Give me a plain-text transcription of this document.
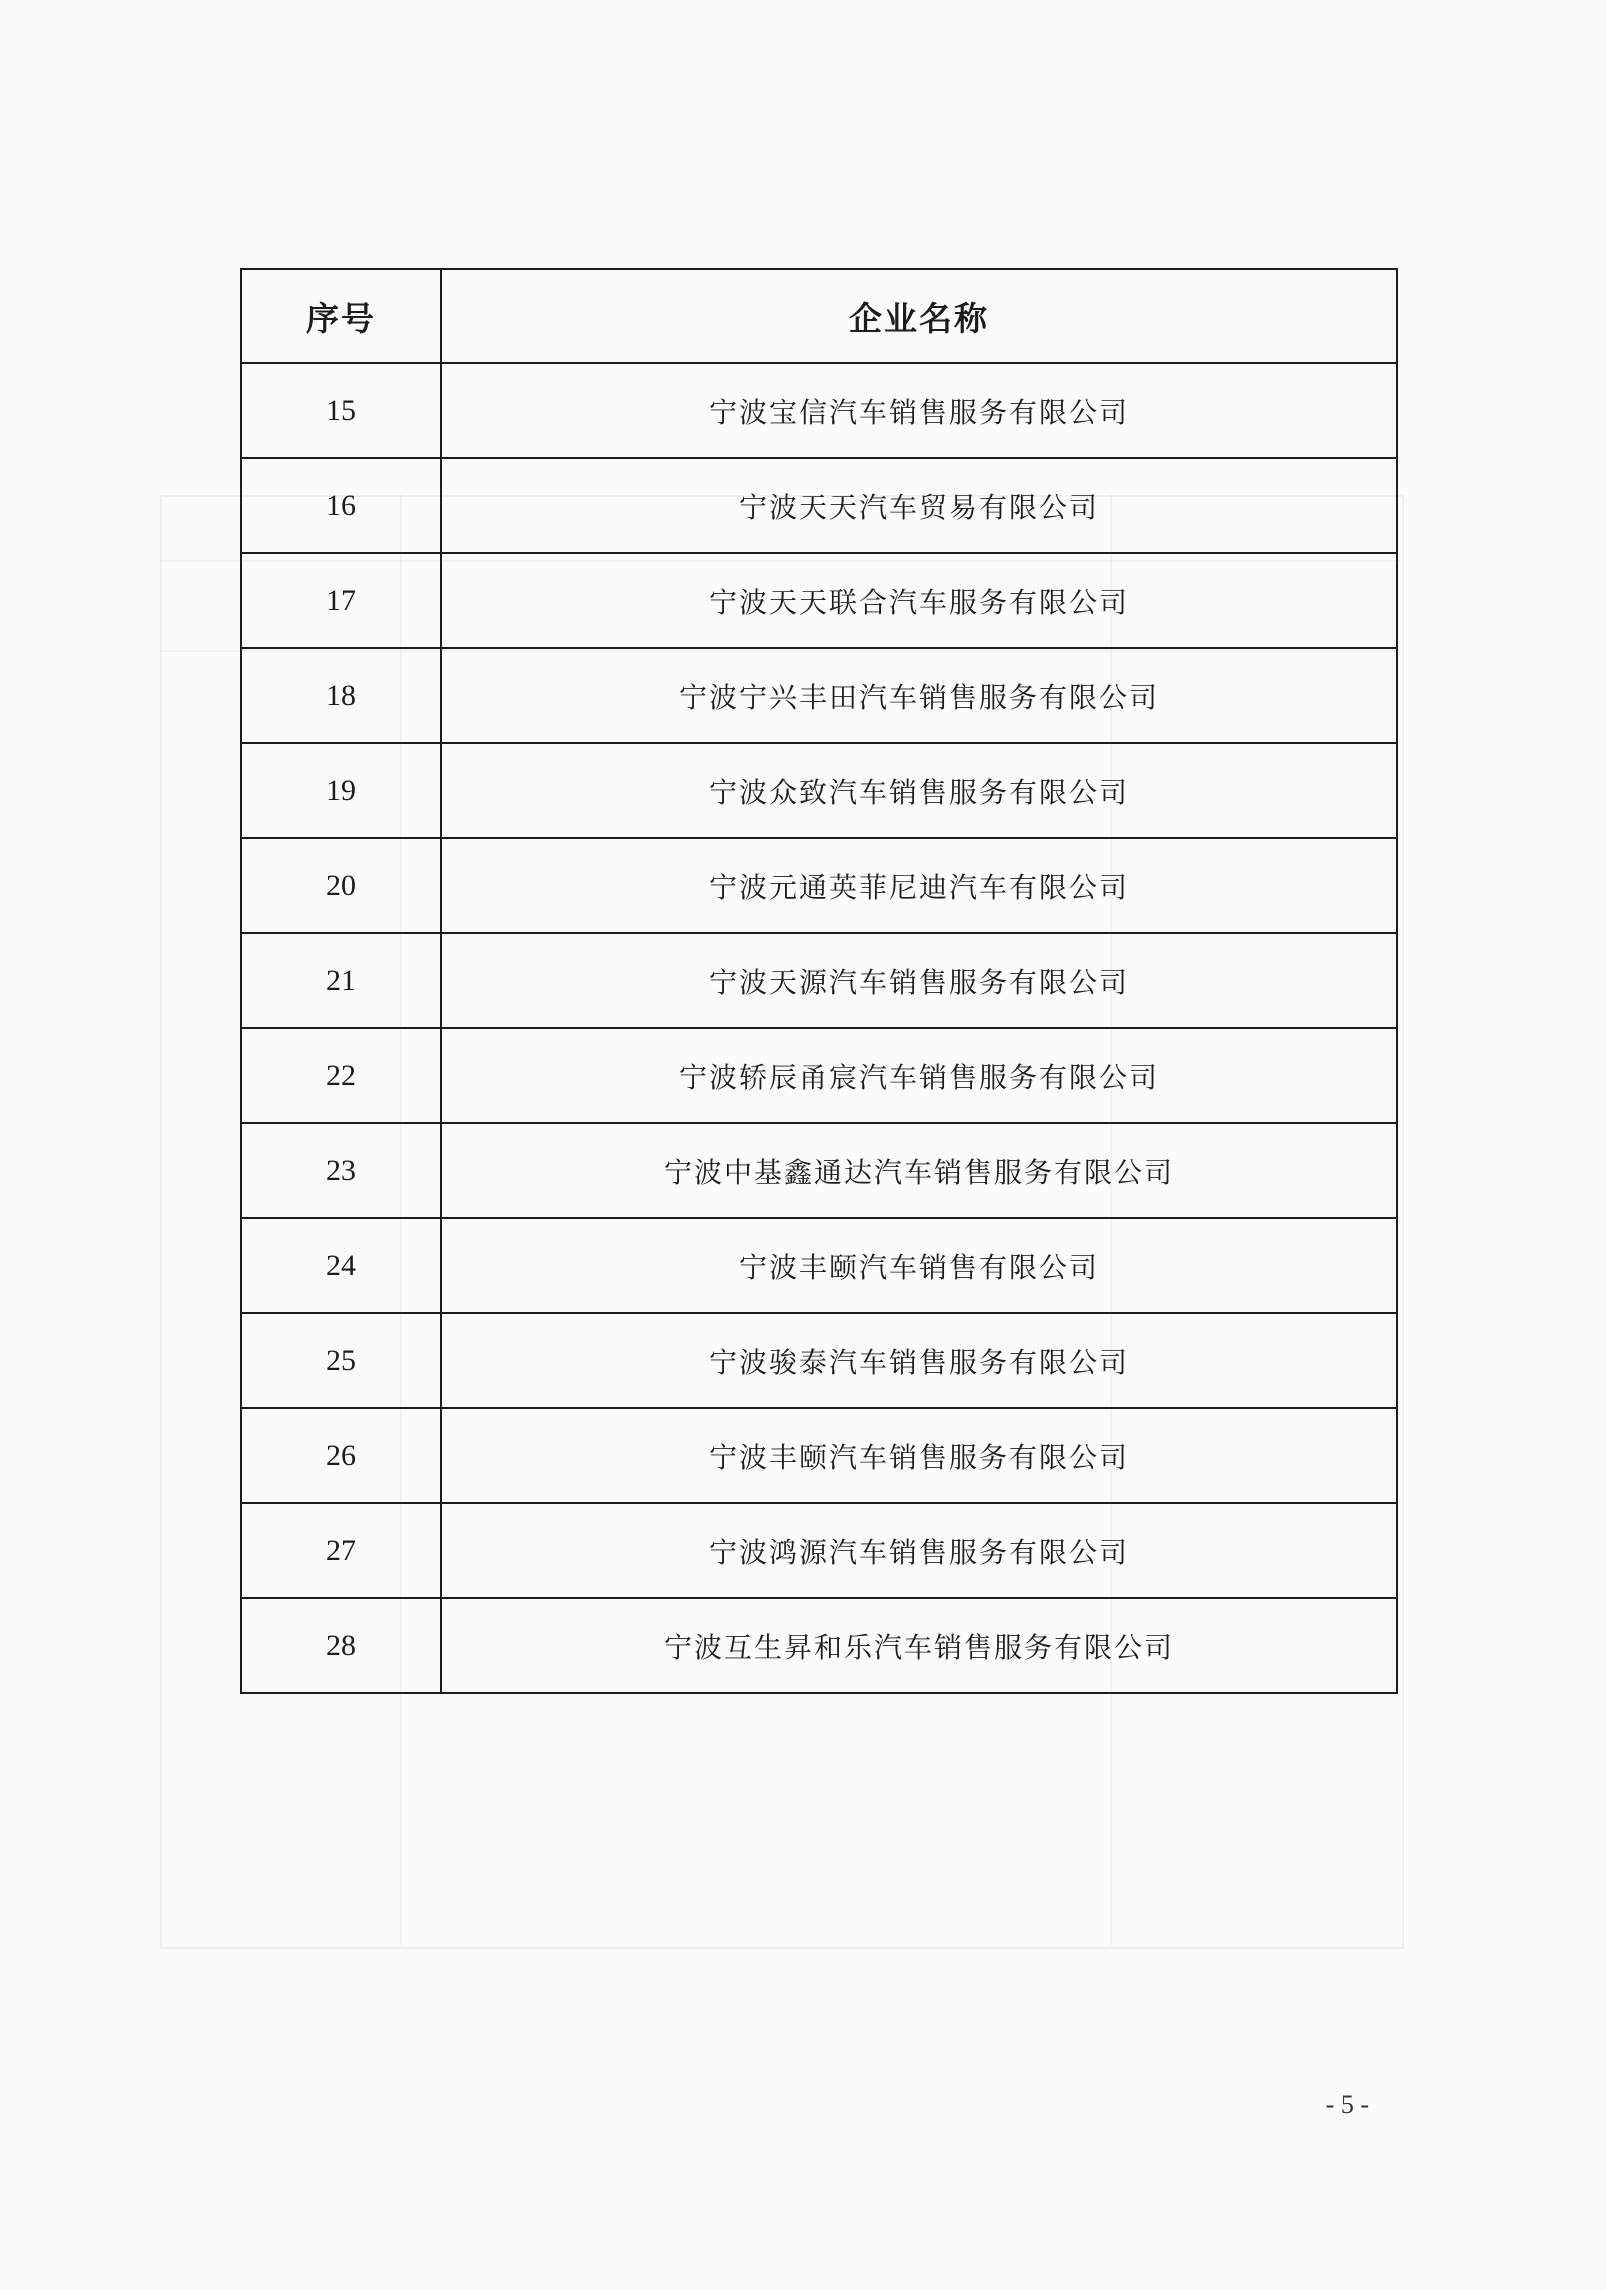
序号	企业名称
15	宁波宝信汽车销售服务有限公司
16	宁波天天汽车贸易有限公司
17	宁波天天联合汽车服务有限公司
18	宁波宁兴丰田汽车销售服务有限公司
19	宁波众致汽车销售服务有限公司
20	宁波元通英菲尼迪汽车有限公司
21	宁波天源汽车销售服务有限公司
22	宁波轿辰甬宸汽车销售服务有限公司
23	宁波中基鑫通达汽车销售服务有限公司
24	宁波丰颐汽车销售有限公司
25	宁波骏泰汽车销售服务有限公司
26	宁波丰颐汽车销售服务有限公司
27	宁波鸿源汽车销售服务有限公司
28	宁波互生昇和乐汽车销售服务有限公司
- 5 -
